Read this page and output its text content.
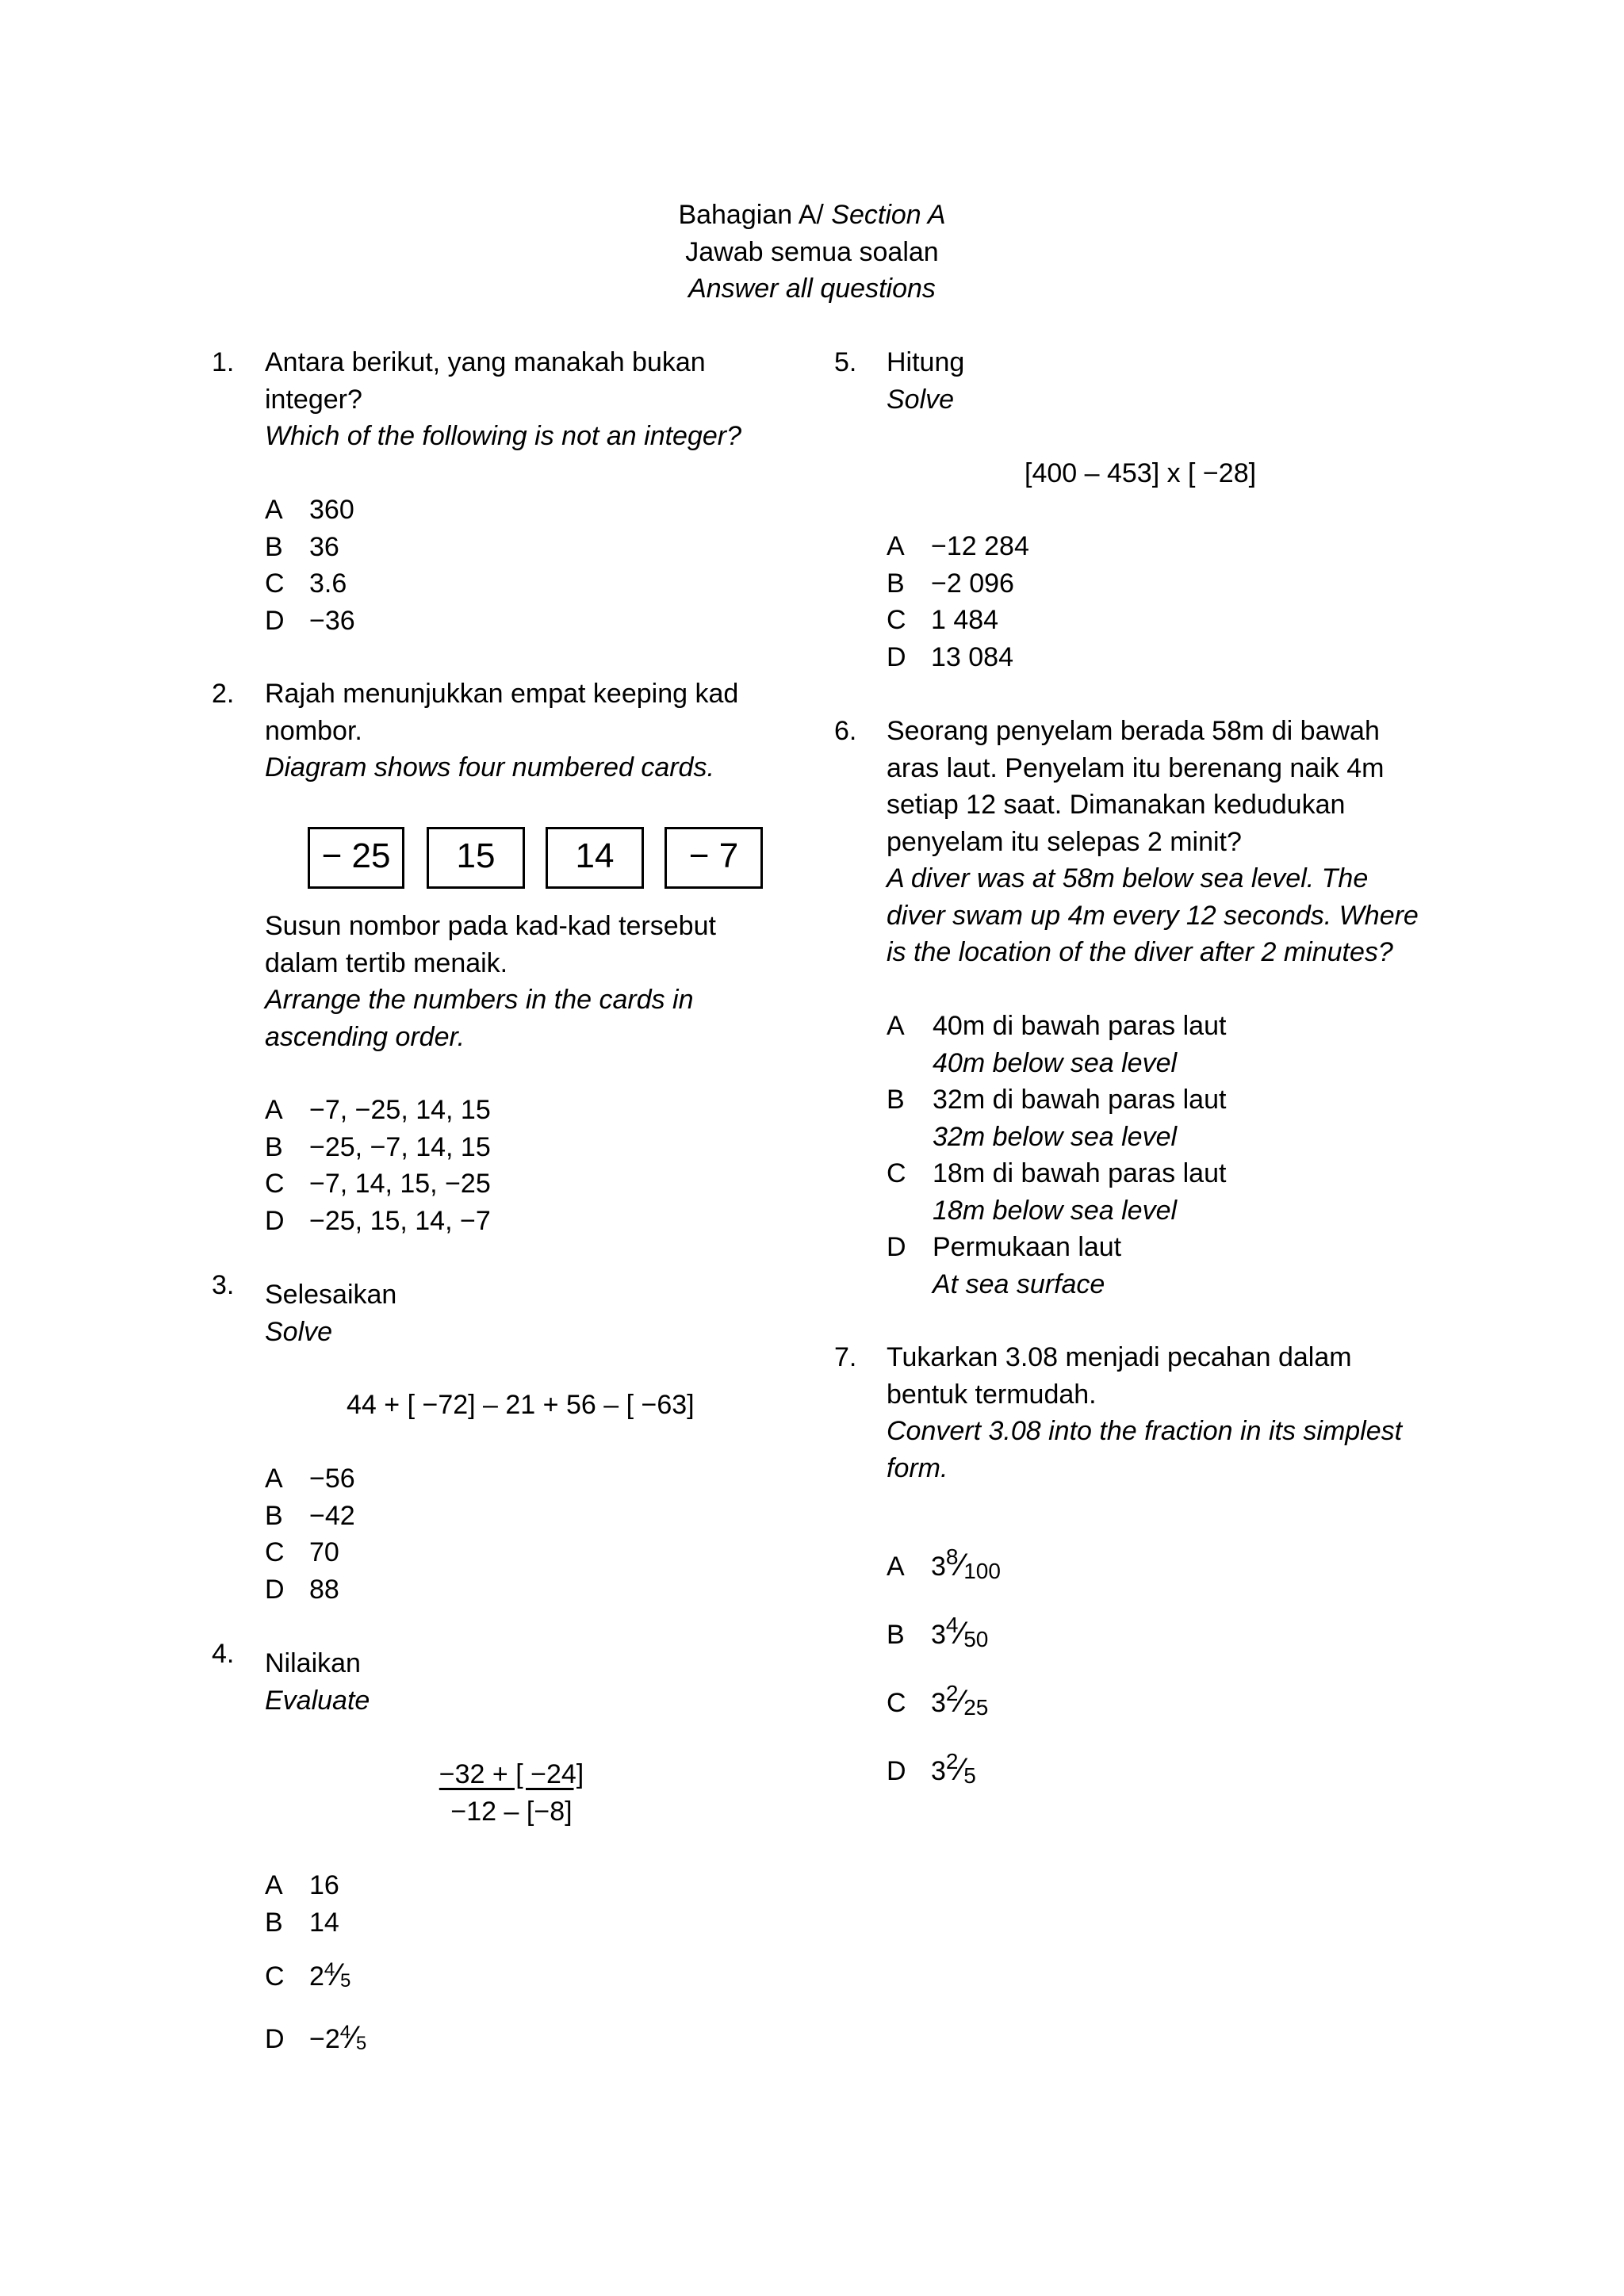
Bahagian A/ Section A
Jawab semua soalan
Answer all questions
1. Antara berikut, yang manakah bukan
integer?
Which of the following is not an integer?
A 360
B 36
C 3.6
D −36
2. Rajah menunjukkan empat keeping kad
nombor.
Diagram shows four numbered cards.
− 25	15	14	− 7
Susun nombor pada kad-kad tersebut
dalam tertib menaik.
Arrange the numbers in the cards in
ascending order.
A −7, −25, 14, 15
B −25, −7, 14, 15
C −7, 14, 15, −25
D −25, 15, 14, −7
3. Selesaikan
Solve
44 + [ −72] – 21 + 56 – [ −63]
A −56
B −42
C 70
D 88
4. Nilaikan
Evaluate
$\frac{-32 + [ -24]}{-12 - [-8]}$
A 16
B 14
C $2^4⁄_5$
$D -2^4⁄_5$
5. Hitung
Solve
[400 – 453] x [ −28]
A −12 284
B −2 096
C 1 484
D 13 084
6. Seorang penyelam berada 58m di bawah
aras laut. Penyelam itu berenang naik 4m
setiap 12 saat. Dimanakan kedudukan
penyelam itu selepas 2 minit?
A diver was at 58m below sea level. The
diver swam up 4m every 12 seconds. Where
is the location of the diver after 2 minutes?
A 40m di bawah paras laut
40m below sea level
B 32m di bawah paras laut
32m below sea level
C 18m di bawah paras laut
18m below sea level
D Permukaan laut
At sea surface
7. Tukarkan 3.08 menjadi pecahan dalam
bentuk termudah.
Convert 3.08 into the fraction in its simplest
form.
A $3^8⁄_{100}$
B $3^4⁄_{50}$
C $3^2⁄_{25}$
D $3^2⁄_5$
